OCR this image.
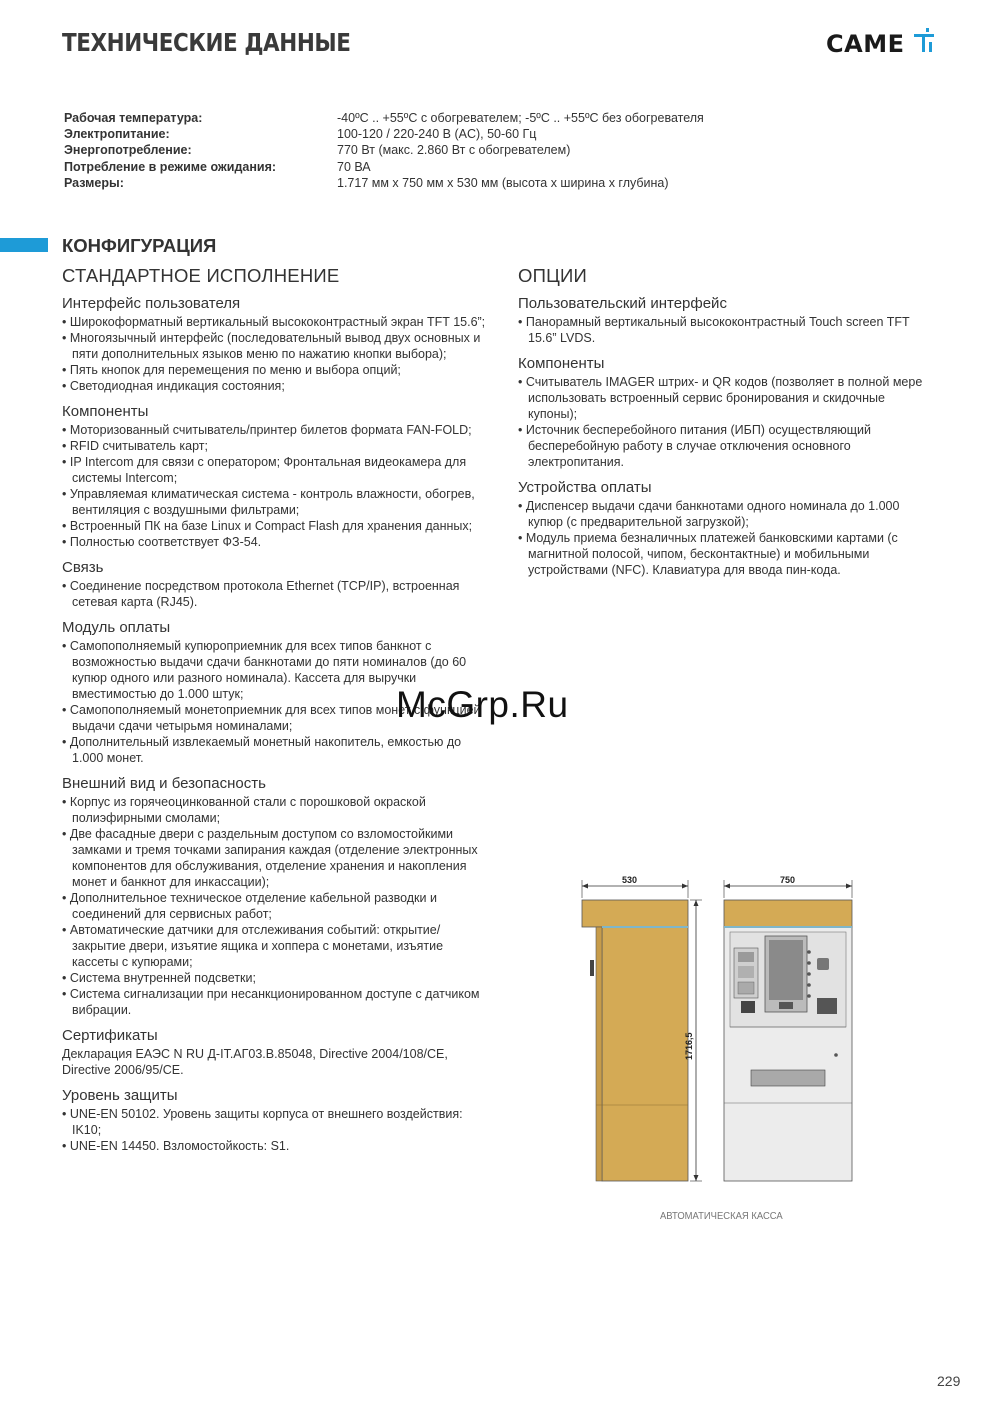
ТЕХНИЧЕСКИЕ ДАННЫЕ	CAME
Рабочая температура:	-40ºC .. +55ºC с обогревателем; -5ºC .. +55ºC без обогревателя
Электропитание:	100-120 / 220-240 В (AC), 50-60 Гц
Энергопотребление:	770 Вт (макс. 2.860 Вт с обогревателем)
Потребление в режиме ожидания:	70 ВА
Размеры:	1.717 мм х 750 мм х 530 мм (высота х ширина х глубина)
КОНФИГУРАЦИЯ
СТАНДАРТНОЕ ИСПОЛНЕНИЕ
Интерфейс пользователя
• Широкоформатный вертикальный высококонтрастный экран TFT 15.6”;
• Многоязычный интерфейс (последовательный вывод двух основных и пяти дополнительных языков меню по нажатию кнопки выбора);
• Пять кнопок для перемещения по меню и выбора опций;
• Светодиодная индикация состояния;
Компоненты
• Моторизованный считыватель/принтер билетов формата FAN-FOLD;
• RFID считыватель карт;
• IP Intercom для связи с оператором; Фронтальная видеокамера для системы Intercom;
• Управляемая климатическая система - контроль влажности, обогрев, вентиляция с воздушными фильтрами;
• Встроенный ПК на базе Linux и Compact Flash для хранения данных;
• Полностью соответствует ФЗ-54.
Связь
• Соединение посредством протокола Ethernet (TCP/IP), встроенная сетевая карта (RJ45).
Модуль оплаты
• Самопополняемый купюроприемник для всех типов банкнот с возможностью выдачи сдачи банкнотами до пяти номиналов (до 60 купюр одного или разного номинала). Кассета для выручки вместимостью до 1.000 штук;
• Самопополняемый монетоприемник для всех типов монет с функцией выдачи сдачи четырьмя номиналами;
• Дополнительный извлекаемый монетный накопитель, емкостью до 1.000 монет.
Внешний вид и безопасность
• Корпус из горячеоцинкованной стали с порошковой окраской полиэфирными смолами;
• Две фасадные двери с раздельным доступом со взломостойкими замками и тремя точками запирания каждая (отделение электронных компонентов для обслуживания, отделение хранения и накопления монет и банкнот для инкассации);
• Дополнительное техническое отделение кабельной разводки и соединений для сервисных работ;
• Автоматические датчики для отслеживания событий: открытие/закрытие двери, изъятие ящика и хоппера с монетами, изъятие кассеты с купюрами;
• Система внутренней подсветки;
• Система сигнализации при несанкционированном доступе с датчиком вибрации.
Сертификаты
Декларация ЕАЭС N RU Д-IT.АГ03.В.85048, Directive 2004/108/CE, Directive 2006/95/CE.
Уровень защиты
• UNE-EN 50102. Уровень защиты корпуса от внешнего воздействия: IK10;
• UNE-EN 14450. Взломостойкость: S1.
ОПЦИИ
Пользовательский интерфейс
• Панорамный вертикальный высококонтрастный Touch screen TFT 15.6” LVDS.
Компоненты
• Считыватель IMAGER штрих- и QR кодов (позволяет в полной мере использовать встроенный сервис бронирования и скидочные купоны);
• Источник бесперебойного питания (ИБП) осуществляющий бесперебойную работу в случае отключения основного электропитания.
Устройства оплаты
• Диспенсер выдачи сдачи банкнотами одного номинала до 1.000 купюр (с предварительной загрузкой);
• Модуль приема безналичных платежей банковскими картами (с магнитной полосой, чипом, бесконтактные) и мобильными устройствами (NFC). Клавиатура для ввода пин-кода.
McGrp.Ru
530
1716,5
750
АВТОМАТИЧЕСКАЯ КАССА
229
